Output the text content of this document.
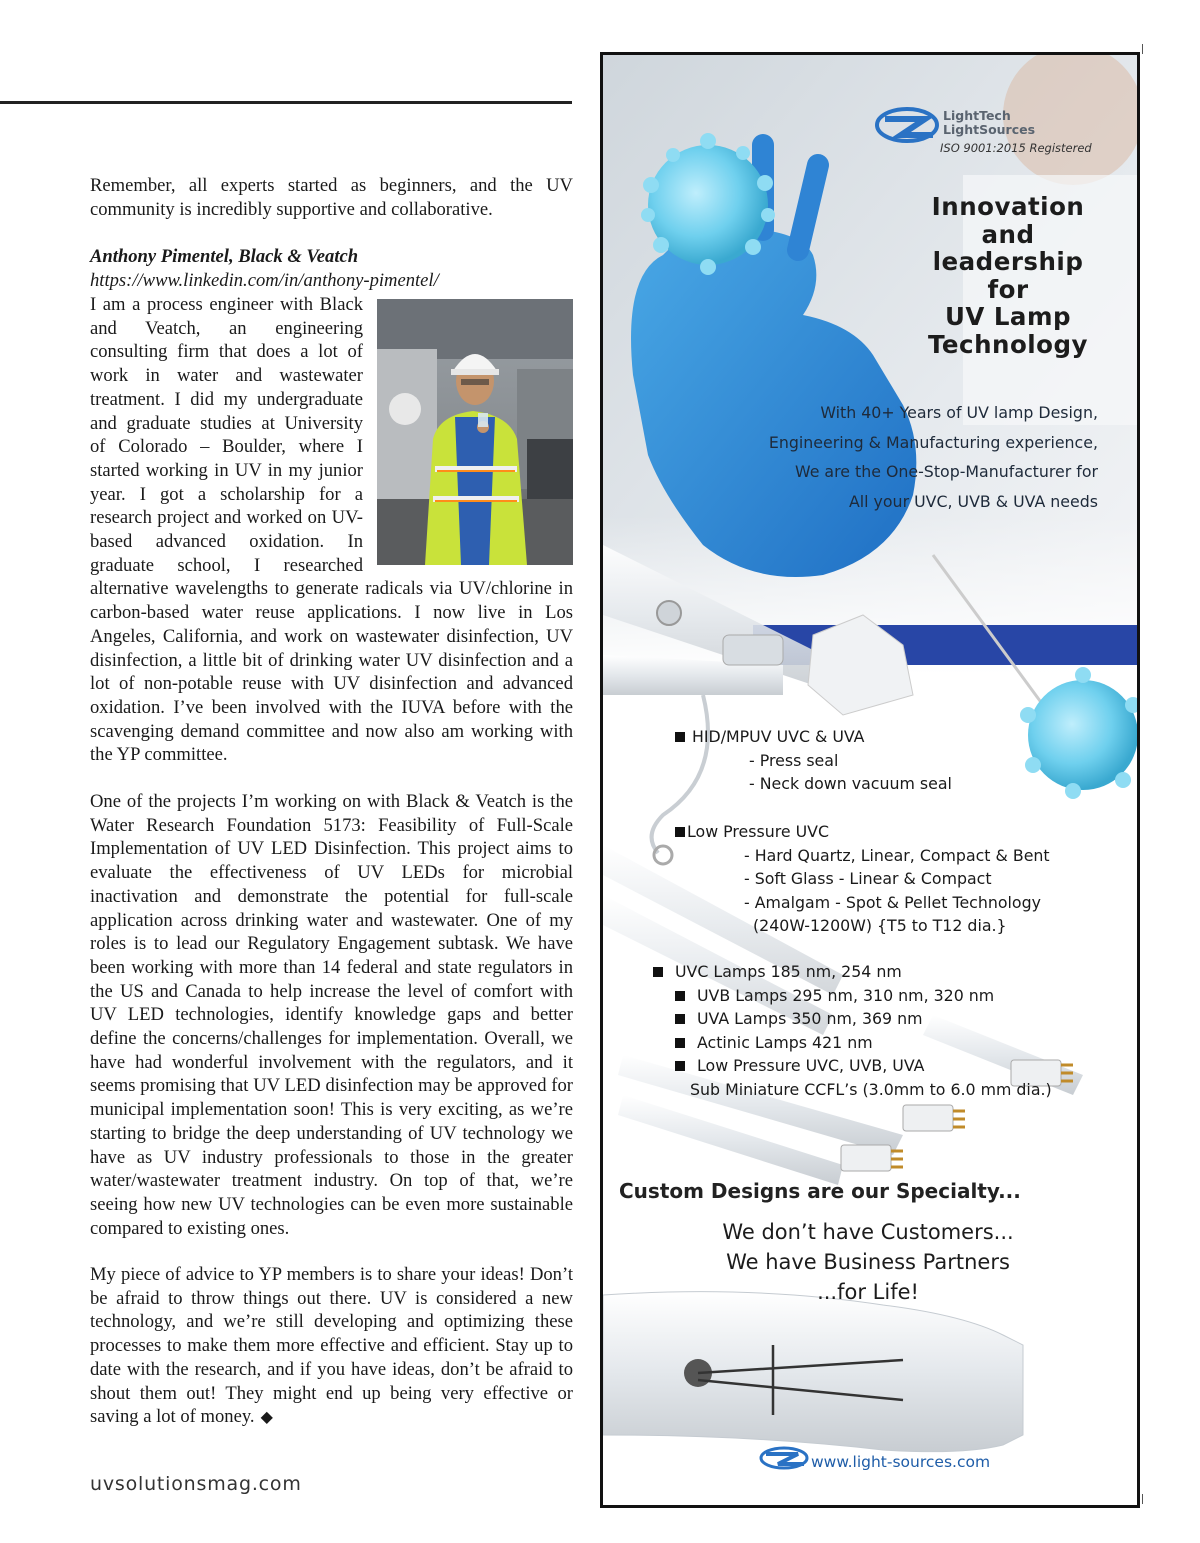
Remember, all experts started as beginners, and the UV community is incredibly supportive and collaborative.

Anthony Pimentel, Black & Veatch
https://www.linkedin.com/in/anthony-pimentel/

I am a process engineer with Black and Veatch, an engineering consulting firm that does a lot of work in water and wastewater treatment. I did my undergraduate and graduate studies at University of Colorado – Boulder, where I started working in UV in my junior year. I got a scholarship for a research project and worked on UV-based advanced oxidation. In graduate school, I researched alternative wavelengths to generate radicals via UV/chlorine in carbon-based water reuse applications. I now live in Los Angeles, California, and work on wastewater disinfection, UV disinfection, a little bit of drinking water UV disinfection and a lot of non-potable reuse with UV disinfection and advanced oxidation. I’ve been involved with the IUVA before with the scavenging demand committee and now also am working with the YP committee.

One of the projects I’m working on with Black & Veatch is the Water Research Foundation 5173: Feasibility of Full-Scale Implementation of UV LED Disinfection. This project aims to evaluate the effectiveness of UV LEDs for microbial inactivation and demonstrate the potential for full-scale application across drinking water and wastewater. One of my roles is to lead our Regulatory Engagement subtask. We have been working with more than 14 federal and state regulators in the US and Canada to help increase the level of comfort with UV LED technologies, identify knowledge gaps and better define the concerns/challenges for implementation. Overall, we have had wonderful involvement with the regulators, and it seems promising that UV LED disinfection may be approved for municipal implementation soon! This is very exciting, as we’re starting to bridge the deep understanding of UV technology we have as UV industry professionals to those in the greater water/wastewater treatment industry. On top of that, we’re seeing how new UV technologies can be even more sustainable compared to existing ones.

My piece of advice to YP members is to share your ideas! Don’t be afraid to throw things out there. UV is considered a new technology, and we’re still developing and optimizing these processes to make them more effective and efficient. Stay up to date with the research, and if you have ideas, don’t be afraid to shout them out! They might end up being very effective or saving a lot of money. ◆

uvsolutionsmag.com
LightTech
LightSources
ISO 9001:2015 Registered
Innovation
and
leadership
for
UV Lamp
Technology
With 40+ Years of UV lamp Design,
Engineering & Manufacturing experience,
We are the One-Stop-Manufacturer for
All your UVC, UVB & UVA needs
HID/MPUV UVC & UVA
- Press seal
- Neck down vacuum seal
Low Pressure UVC
- Hard Quartz, Linear, Compact & Bent
- Soft Glass - Linear & Compact
- Amalgam - Spot & Pellet Technology
(240W-1200W) {T5 to T12 dia.}
UVC Lamps 185 nm, 254 nm
UVB Lamps 295 nm, 310 nm, 320 nm
UVA Lamps 350 nm, 369 nm
Actinic Lamps 421 nm
Low Pressure UVC, UVB, UVA
Sub Miniature CCFL’s (3.0mm to 6.0 mm dia.)
Custom Designs are our Specialty...
We don’t have Customers...
We have Business Partners
...for Life!
www.light-sources.com
